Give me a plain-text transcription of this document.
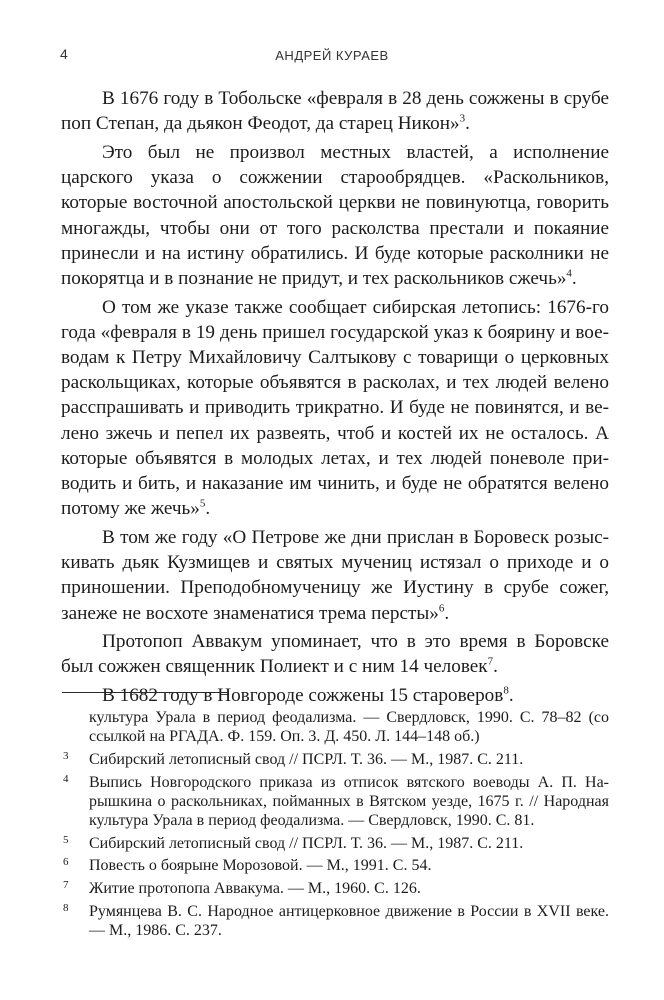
4	АНДРЕЙ КУРАЕВ

В 1676 году в Тобольске «февраля в 28 день сожжены в срубе поп Степан, да дьякон Феодот, да старец Никон»$^3$.

Это был не произвол местных властей, а исполнение царского указа о сожжении старообрядцев. «Раскольников, которые восточной апостольской церкви не повинуютца, говорить многажды, чтобы они от того расколства престали и покаяние принесли и на истину обратились. И буде которые расколники не покорятца и в познание не придут, и тех раскольников сжечь»$^4$.

О том же указе также сообщает сибирская летопись: 1676-го года «февраля в 19 день пришел государской указ к боярину и воеводам к Петру Михайловичу Салтыкову с товарищи о церковных раскольщиках, которые объявятся в расколах, и тех людей велено расспрашивать и приводить трикратно. И буде не повинятся, и велено зжечь и пепел их развеять, чтоб и костей их не осталось. А которые объявятся в молодых летах, и тех людей поневоле приводить и бить, и наказание им чинить, и буде не обратятся велено потому же жечь»$^5$.

В том же году «О Петрове же дни прислан в Боровеск розыскивать дьяк Кузмищев и святых мучениц истязал о приходе и о приношении. Преподобномученицу же Иустину в срубе сожег, занеже не восхоте знаменатися трема персты»$^6$.

Протопоп Аввакум упоминает, что в это время в Боровске был сожжен священник Полиект и с ним 14 человек$^7$.

В 1682 году в Новгороде сожжены 15 староверов$^8$.

культура Урала в период феодализма. — Свердловск, 1990. С. 78–82 (со ссылкой на РГАДА. Ф. 159. Оп. 3. Д. 450. Л. 144–148 об.)
3 Сибирский летописный свод // ПСРЛ. Т. 36. — М., 1987. С. 211.
4 Выпись Новгородского приказа из отписок вятского воеводы А. П. Нарышкина о раскольниках, пойманных в Вятском уезде, 1675 г. // Народная культура Урала в период феодализма. — Свердловск, 1990. С. 81.
5 Сибирский летописный свод // ПСРЛ. Т. 36. — М., 1987. С. 211.
6 Повесть о боярыне Морозовой. — М., 1991. С. 54.
7 Житие протопопа Аввакума. — М., 1960. С. 126.
8 Румянцева В. С. Народное антицерковное движение в России в XVII веке. — М., 1986. С. 237.
